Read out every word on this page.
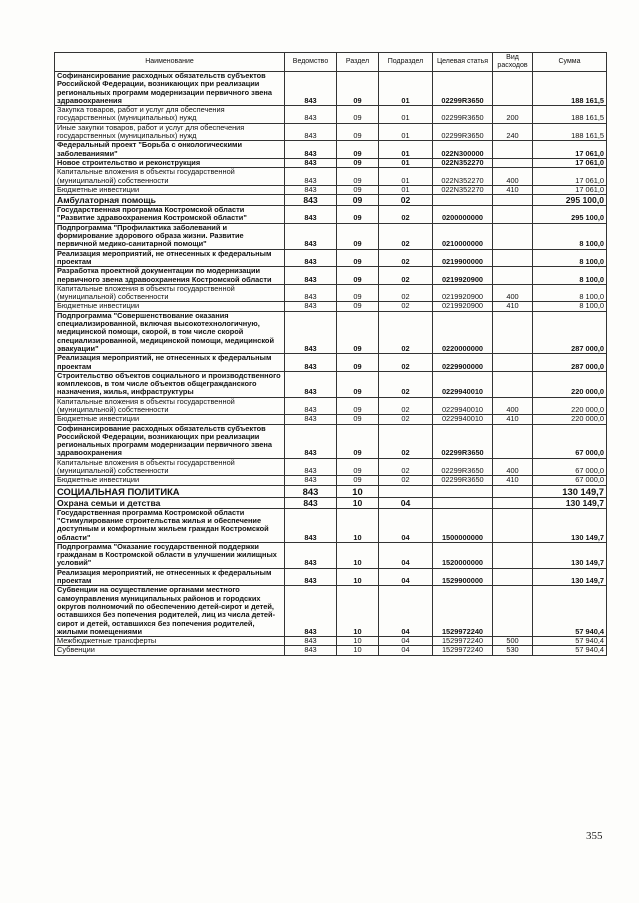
Наименование	Ведомство	Раздел	Подраздел	Целевая статья	Вид расходов	Сумма
Софинансирование расходных обязательств субъектов Российской Федерации, возникающих при реализации региональных программ модернизации первичного звена здравоохранения	843	09	01	02299R3650		188 161,5
Закупка товаров, работ и услуг для обеспечения государственных (муниципальных) нужд	843	09	01	02299R3650	200	188 161,5
Иные закупки товаров, работ и услуг для обеспечения государственных (муниципальных) нужд	843	09	01	02299R3650	240	188 161,5
Федеральный проект "Борьба с онкологическими заболеваниями"	843	09	01	022N300000		17 061,0
Новое строительство и реконструкция	843	09	01	022N352270		17 061,0
Капитальные вложения в объекты государственной (муниципальной) собственности	843	09	01	022N352270	400	17 061,0
Бюджетные инвестиции	843	09	01	022N352270	410	17 061,0
Амбулаторная помощь	843	09	02			295 100,0
Государственная программа Костромской области "Развитие здравоохранения Костромской области"	843	09	02	0200000000		295 100,0
Подпрограмма "Профилактика заболеваний и формирование здорового образа жизни. Развитие первичной медико-санитарной помощи"	843	09	02	0210000000		8 100,0
Реализация мероприятий, не отнесенных к федеральным проектам	843	09	02	0219900000		8 100,0
Разработка проектной документации по модернизации первичного звена здравоохранения Костромской области	843	09	02	0219920900		8 100,0
Капитальные вложения в объекты государственной (муниципальной) собственности	843	09	02	0219920900	400	8 100,0
Бюджетные инвестиции	843	09	02	0219920900	410	8 100,0
Подпрограмма "Совершенствование оказания специализированной, включая высокотехнологичную, медицинской помощи, скорой, в том числе скорой специализированной, медицинской помощи, медицинской эвакуации"	843	09	02	0220000000		287 000,0
Реализация мероприятий, не отнесенных к федеральным проектам	843	09	02	0229900000		287 000,0
Строительство объектов социального и производственного комплексов, в том числе объектов общегражданского назначения, жилья, инфраструктуры	843	09	02	0229940010		220 000,0
Капитальные вложения в объекты государственной (муниципальной) собственности	843	09	02	0229940010	400	220 000,0
Бюджетные инвестиции	843	09	02	0229940010	410	220 000,0
Софинансирование расходных обязательств субъектов Российской Федерации, возникающих при реализации региональных программ модернизации первичного звена здравоохранения	843	09	02	02299R3650		67 000,0
Капитальные вложения в объекты государственной (муниципальной) собственности	843	09	02	02299R3650	400	67 000,0
Бюджетные инвестиции	843	09	02	02299R3650	410	67 000,0
СОЦИАЛЬНАЯ ПОЛИТИКА	843	10				130 149,7
Охрана семьи и детства	843	10	04			130 149,7
Государственная программа Костромской области "Стимулирование строительства жилья и обеспечение доступным и комфортным жильем граждан Костромской области"	843	10	04	1500000000		130 149,7
Подпрограмма "Оказание государственной поддержки гражданам в Костромской области в улучшении жилищных условий"	843	10	04	1520000000		130 149,7
Реализация мероприятий, не отнесенных к федеральным проектам	843	10	04	1529900000		130 149,7
Субвенции на осуществление органами местного самоуправления муниципальных районов и городских округов полномочий по обеспечению детей-сирот и детей, оставшихся без попечения родителей, лиц из числа детей-сирот и детей, оставшихся без попечения родителей, жилыми помещениями	843	10	04	1529972240		57 940,4
Межбюджетные трансферты	843	10	04	1529972240	500	57 940,4
Субвенции	843	10	04	1529972240	530	57 940,4
355
